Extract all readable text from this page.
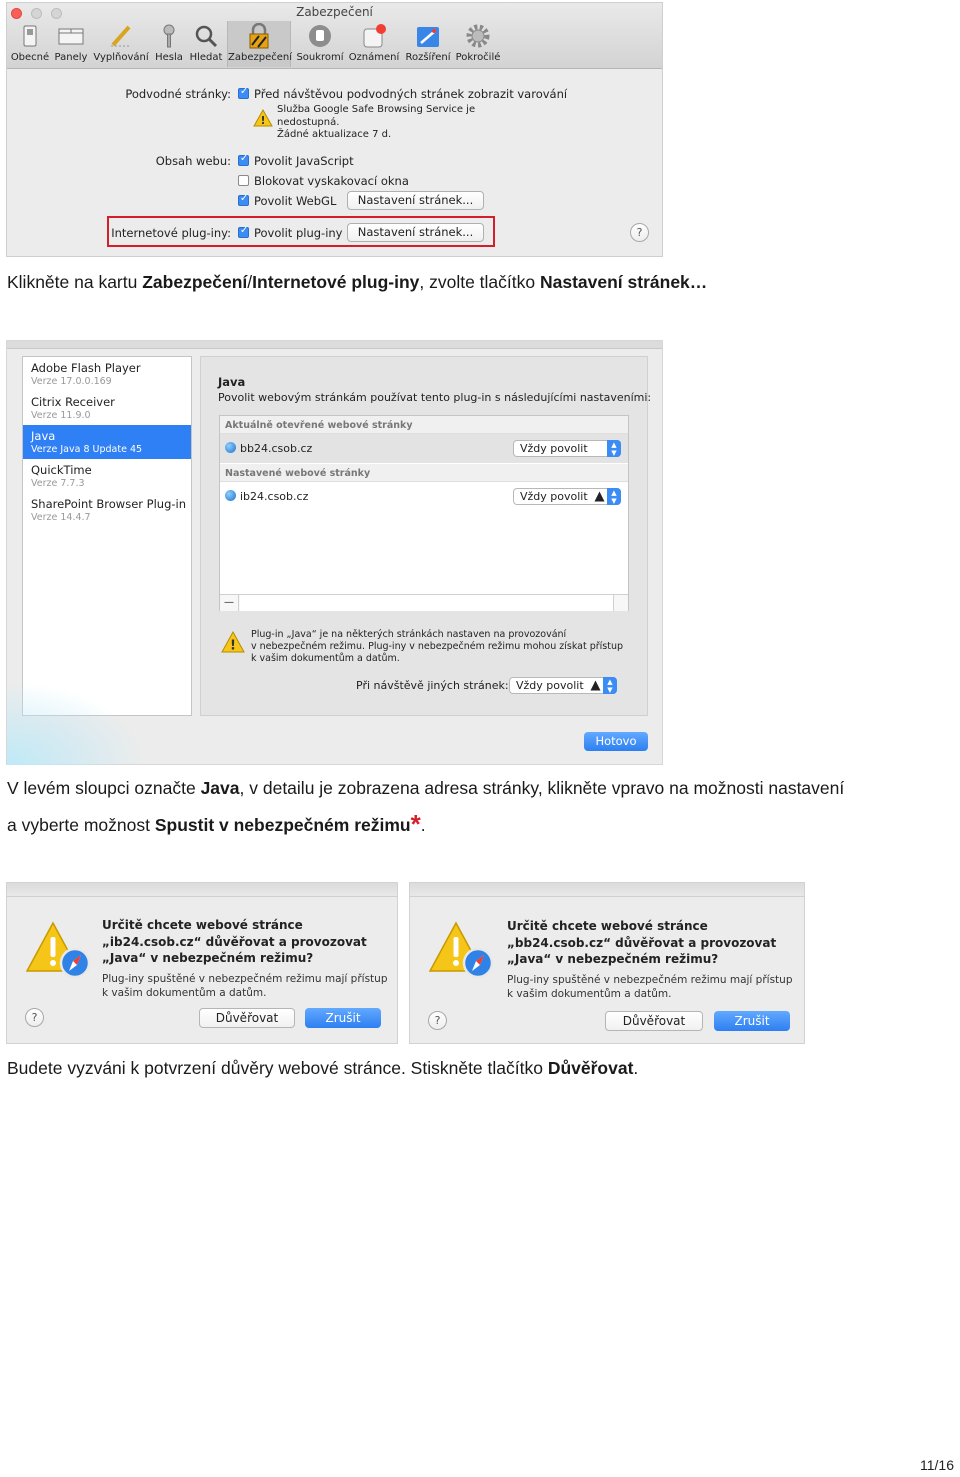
Zabezpečení
Obecné Panely Vyplňování Hesla Hledat Zabezpečení Soukromí Oznámení Rozšíření Pokročilé
Podvodné stránky: ✓	Před návštěvou podvodných stránek zobrazit varování
!
Služba Google Safe Browsing Service je
nedostupná.
Žádné aktualizace 7 d.
Obsah webu: ✓	Povolit JavaScript
Blokovat vyskakovací okna
✓Povolit WebGL	Nastavení stránek...
Internetové plug-iny: ✓	Povolit plug-iny	Nastavení stránek...	?
Klikněte na kartu Zabezpečení/Internetové plug-iny, zvolte tlačítko Nastavení stránek…
Adobe Flash Player
Verze 17.0.0.169
Citrix Receiver
Verze 11.9.0
Java
Verze Java 8 Update 45
QuickTime
Verze 7.7.3
SharePoint Browser Plug-in
Verze 14.4.7
Java
Povolit webovým stránkám používat tento plug-in s následujícími nastaveními:
Aktuálně otevřené webové stránky
bb24.csob.cz	Vždy povolit	▲
▼
Nastavené webové stránky
ib24.csob.cz	Vždy povolit	▲
▼
—
!
Plug-in „Java“ je na některých stránkách nastaven na provozování
v nebezpečném režimu. Plug-iny v nebezpečném režimu mohou získat přístup
k vašim dokumentům a datům.
Při návštěvě jiných stránek: Vždy povolit	▲
▼
Hotovo
V levém sloupci označte Java, v detailu je zobrazena adresa stránky, klikněte vpravo na možnosti nastavení
a vyberte možnost Spustit v nebezpečném režimu*.
Určitě chcete webové stránce
„ib24.csob.cz“ důvěřovat a provozovat
„Java“ v nebezpečném režimu?
Plug-iny spuštěné v nebezpečném režimu mají přístup
k vašim dokumentům a datům.
?	Důvěřovat	Zrušit
Určitě chcete webové stránce
„bb24.csob.cz“ důvěřovat a provozovat
„Java“ v nebezpečném režimu?
Plug-iny spuštěné v nebezpečném režimu mají přístup
k vašim dokumentům a datům.
?	Důvěřovat	Zrušit
Budete vyzváni k potvrzení důvěry webové stránce. Stiskněte tlačítko Důvěřovat.
11/16
